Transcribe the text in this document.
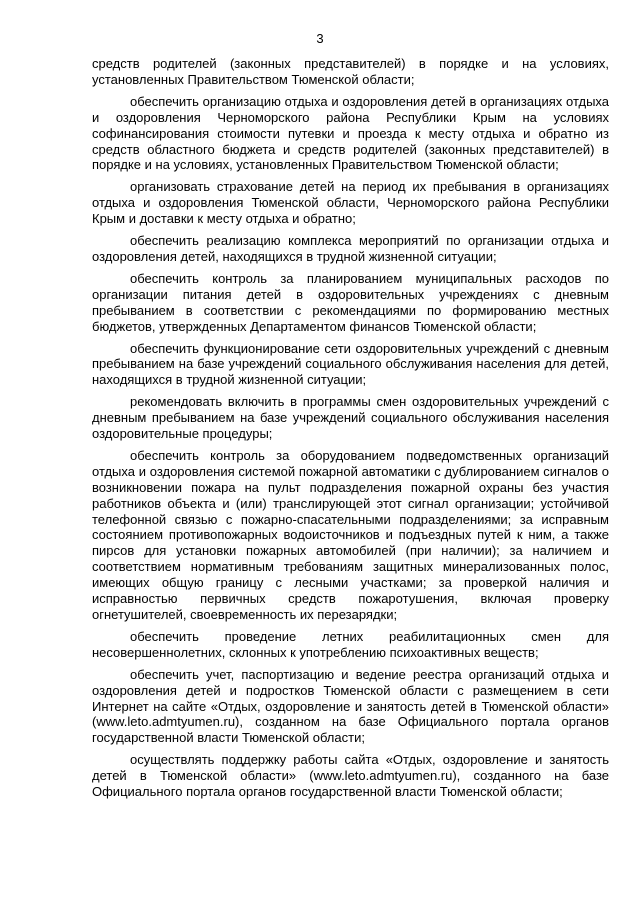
3

средств родителей (законных представителей) в порядке и на условиях, установленных Правительством Тюменской области;

обеспечить организацию отдыха и оздоровления детей в организациях отдыха и оздоровления Черноморского района Республики Крым на условиях софинансирования стоимости путевки и проезда к месту отдыха и обратно из средств областного бюджета и средств родителей (законных представителей) в порядке и на условиях, установленных Правительством Тюменской области;

организовать страхование детей на период их пребывания в организациях отдыха и оздоровления Тюменской области, Черноморского района Республики Крым и доставки к месту отдыха и обратно;

обеспечить реализацию комплекса мероприятий по организации отдыха и оздоровления детей, находящихся в трудной жизненной ситуации;

обеспечить контроль за планированием муниципальных расходов по организации питания детей в оздоровительных учреждениях с дневным пребыванием в соответствии с рекомендациями по формированию местных бюджетов, утвержденных Департаментом финансов Тюменской области;

обеспечить функционирование сети оздоровительных учреждений с дневным пребыванием на базе учреждений социального обслуживания населения для детей, находящихся в трудной жизненной ситуации;

рекомендовать включить в программы смен оздоровительных учреждений с дневным пребыванием на базе учреждений социального обслуживания населения оздоровительные процедуры;

обеспечить контроль за оборудованием подведомственных организаций отдыха и оздоровления системой пожарной автоматики с дублированием сигналов о возникновении пожара на пульт подразделения пожарной охраны без участия работников объекта и (или) транслирующей этот сигнал организации; устойчивой телефонной связью с пожарно-спасательными подразделениями; за исправным состоянием противопожарных водоисточников и подъездных путей к ним, а также пирсов для установки пожарных автомобилей (при наличии); за наличием и соответствием нормативным требованиям защитных минерализованных полос, имеющих общую границу с лесными участками; за проверкой наличия и исправностью первичных средств пожаротушения, включая проверку огнетушителей, своевременность их перезарядки;

обеспечить проведение летних реабилитационных смен для несовершеннолетних, склонных к употреблению психоактивных веществ;

обеспечить учет, паспортизацию и ведение реестра организаций отдыха и оздоровления детей и подростков Тюменской области с размещением в сети Интернет на сайте «Отдых, оздоровление и занятость детей в Тюменской области» (www.leto.admtyumen.ru), созданном на базе Официального портала органов государственной власти Тюменской области;

осуществлять поддержку работы сайта «Отдых, оздоровление и занятость детей в Тюменской области» (www.leto.admtyumen.ru), созданного на базе Официального портала органов государственной власти Тюменской области;
